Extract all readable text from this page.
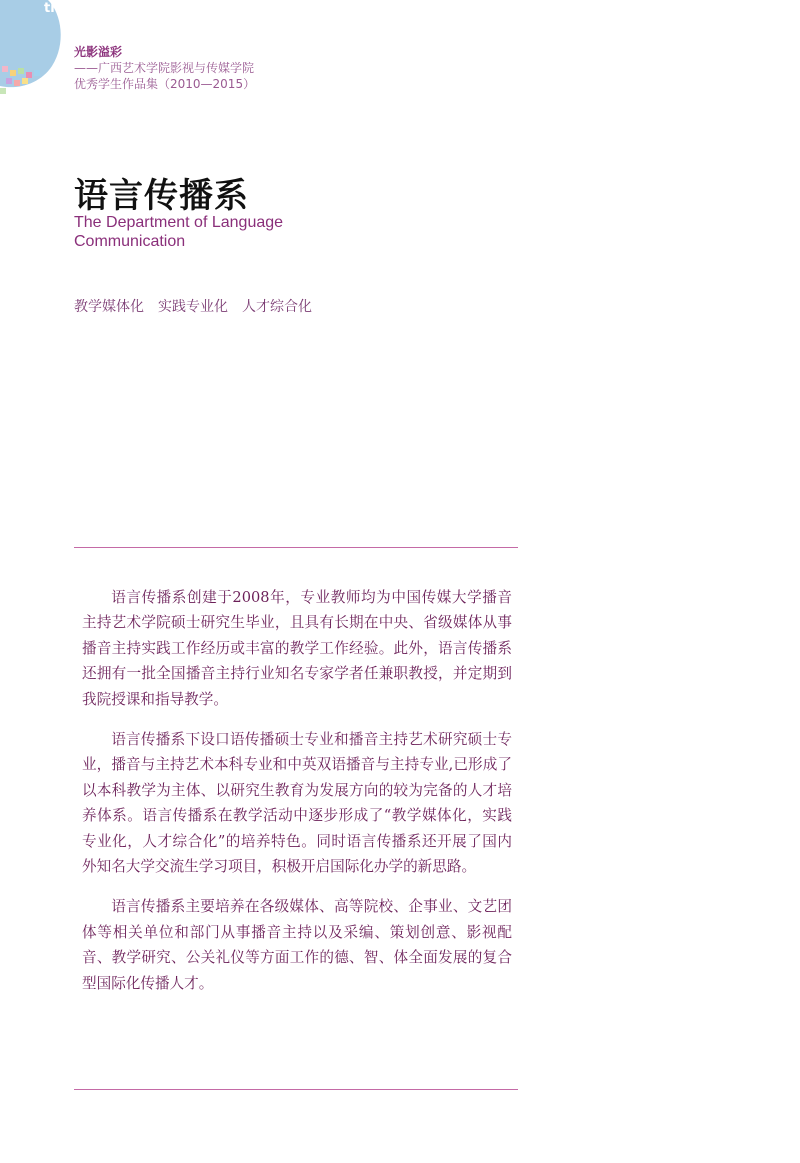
th
光影溢彩
——广西艺术学院影视与传媒学院
优秀学生作品集（2010—2015）
语言传播系
The Department of Language Communication
教学媒体化　实践专业化　人才综合化

语言传播系创建于2008年，专业教师均为中国传媒大学播音主持艺术学院硕士研究生毕业，且具有长期在中央、省级媒体从事播音主持实践工作经历或丰富的教学工作经验。此外，语言传播系还拥有一批全国播音主持行业知名专家学者任兼职教授，并定期到我院授课和指导教学。

语言传播系下设口语传播硕士专业和播音主持艺术研究硕士专业，播音与主持艺术本科专业和中英双语播音与主持专业,已形成了以本科教学为主体、以研究生教育为发展方向的较为完备的人才培养体系。语言传播系在教学活动中逐步形成了“教学媒体化，实践专业化，人才综合化”的培养特色。同时语言传播系还开展了国内外知名大学交流生学习项目，积极开启国际化办学的新思路。

语言传播系主要培养在各级媒体、高等院校、企事业、文艺团体等相关单位和部门从事播音主持以及采编、策划创意、影视配音、教学研究、公关礼仪等方面工作的德、智、体全面发展的复合型国际化传播人才。
